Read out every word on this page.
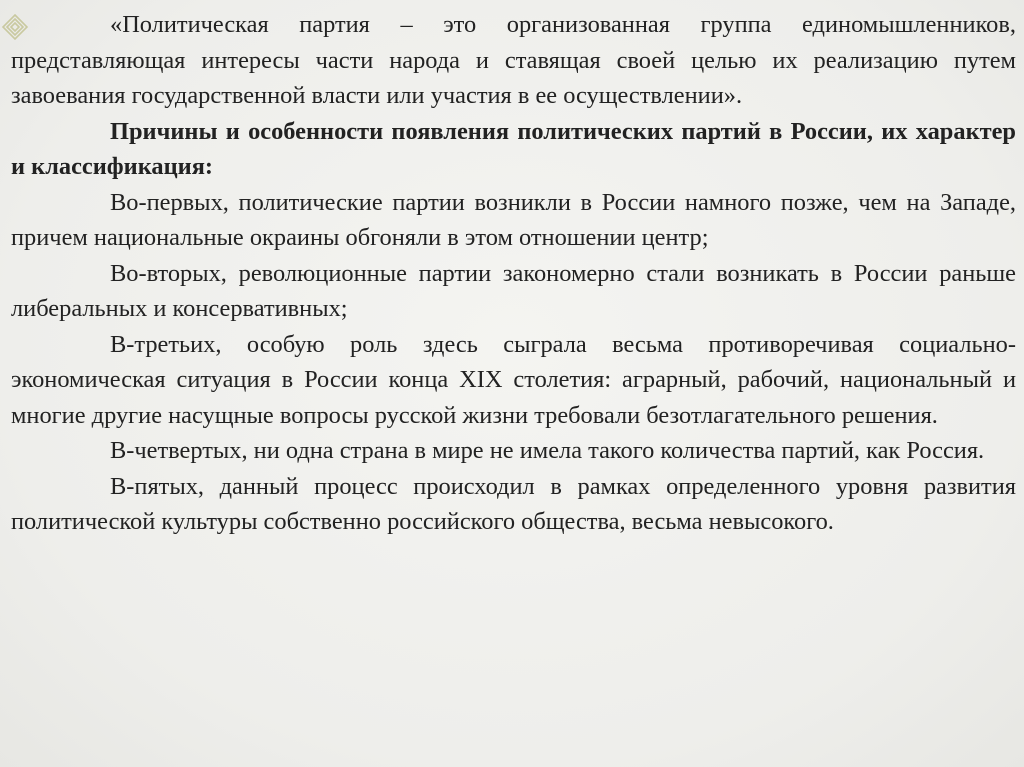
«Политическая партия – это организованная группа единомышленников, представляющая интересы части народа и ставящая своей целью их реализацию путем завоевания государственной власти или участия в ее осуществлении».

Причины и особенности появления политических партий в России, их характер и классификация:

Во-первых, политические партии возникли в России намного позже, чем на Западе, причем национальные окраины обгоняли в этом отношении центр;

Во-вторых, революционные партии закономерно стали возникать в России раньше либеральных и консервативных;

В-третьих, особую роль здесь сыграла весьма противоречивая социально-экономическая ситуация в России конца XIX столетия: аграрный, рабочий, национальный и многие другие насущные вопросы русской жизни требовали безотлагательного решения.

В-четвертых, ни одна страна в мире не имела такого количества партий, как Россия.

В-пятых, данный процесс происходил в рамках определенного уровня развития политической культуры собственно российского общества, весьма невысокого.
